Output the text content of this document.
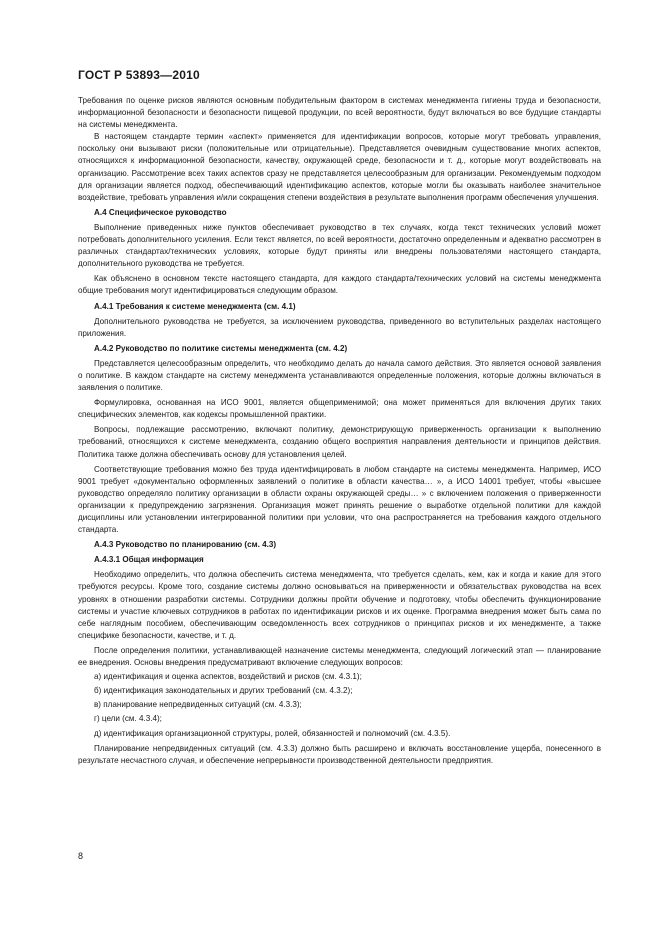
ГОСТ Р 53893—2010

Требования по оценке рисков являются основным побудительным фактором в системах менеджмента гигиены труда и безопасности, информационной безопасности и безопасности пищевой продукции, по всей вероятности, будут включаться во все будущие стандарты на системы менеджмента.

В настоящем стандарте термин «аспект» применяется для идентификации вопросов, которые могут требовать управления, поскольку они вызывают риски (положительные или отрицательные). Представляется очевидным существование многих аспектов, относящихся к информационной безопасности, качеству, окружающей среде, безопасности и т. д., которые могут воздействовать на организацию. Рассмотрение всех таких аспектов сразу не представляется целесообразным для организации. Рекомендуемым подходом для организации является подход, обеспечивающий идентификацию аспектов, которые могли бы оказывать наиболее значительное воздействие, требовать управления и/или сокращения степени воздействия в результате выполнения программ обеспечения улучшения.

А.4 Специфическое руководство

Выполнение приведенных ниже пунктов обеспечивает руководство в тех случаях, когда текст технических условий может потребовать дополнительного усиления. Если текст является, по всей вероятности, достаточно определенным и адекватно рассмотрен в различных стандартах/технических условиях, которые будут приняты или внедрены пользователями настоящего стандарта, дополнительного руководства не требуется.

Как объяснено в основном тексте настоящего стандарта, для каждого стандарта/технических условий на системы менеджмента общие требования могут идентифицироваться следующим образом.

А.4.1 Требования к системе менеджмента (см. 4.1)

Дополнительного руководства не требуется, за исключением руководства, приведенного во вступительных разделах настоящего приложения.

А.4.2 Руководство по политике системы менеджмента (см. 4.2)

Представляется целесообразным определить, что необходимо делать до начала самого действия. Это является основой заявления о политике. В каждом стандарте на систему менеджмента устанавливаются определенные положения, которые должны включаться в заявления о политике.

Формулировка, основанная на ИСО 9001, является общеприменимой; она может применяться для включения других таких специфических элементов, как кодексы промышленной практики.

Вопросы, подлежащие рассмотрению, включают политику, демонстрирующую приверженность организации к выполнению требований, относящихся к системе менеджмента, созданию общего восприятия направления деятельности и принципов действия. Политика также должна обеспечивать основу для установления целей.

Соответствующие требования можно без труда идентифицировать в любом стандарте на системы менеджмента. Например, ИСО 9001 требует «документально оформленных заявлений о политике в области качества… », а ИСО 14001 требует, чтобы «высшее руководство определяло политику организации в области охраны окружающей среды… » с включением положения о приверженности организации к предупреждению загрязнения. Организация может принять решение о выработке отдельной политики для каждой дисциплины или установлении интегрированной политики при условии, что она распространяется на требования каждого отдельного стандарта.

А.4.3 Руководство по планированию (см. 4.3)

А.4.3.1 Общая информация

Необходимо определить, что должна обеспечить система менеджмента, что требуется сделать, кем, как и когда и какие для этого требуются ресурсы. Кроме того, создание системы должно основываться на приверженности и обязательствах руководства на всех уровнях в отношении разработки системы. Сотрудники должны пройти обучение и подготовку, чтобы обеспечить функционирование системы и участие ключевых сотрудников в работах по идентификации рисков и их оценке. Программа внедрения может быть сама по себе наглядным пособием, обеспечивающим осведомленность всех сотрудников о принципах рисков и их менеджменте, а также специфике безопасности, качестве, и т. д.

После определения политики, устанавливающей назначение системы менеджмента, следующий логический этап — планирование ее внедрения. Основы внедрения предусматривают включение следующих вопросов:

а) идентификация и оценка аспектов, воздействий и рисков (см. 4.3.1);

б) идентификация законодательных и других требований (см. 4.3.2);

в) планирование непредвиденных ситуаций (см. 4.3.3);

г) цели (см. 4.3.4);

д) идентификация организационной структуры, ролей, обязанностей и полномочий (см. 4.3.5).

Планирование непредвиденных ситуаций (см. 4.3.3) должно быть расширено и включать восстановление ущерба, понесенного в результате несчастного случая, и обеспечение непрерывности производственной деятельности предприятия.

8
